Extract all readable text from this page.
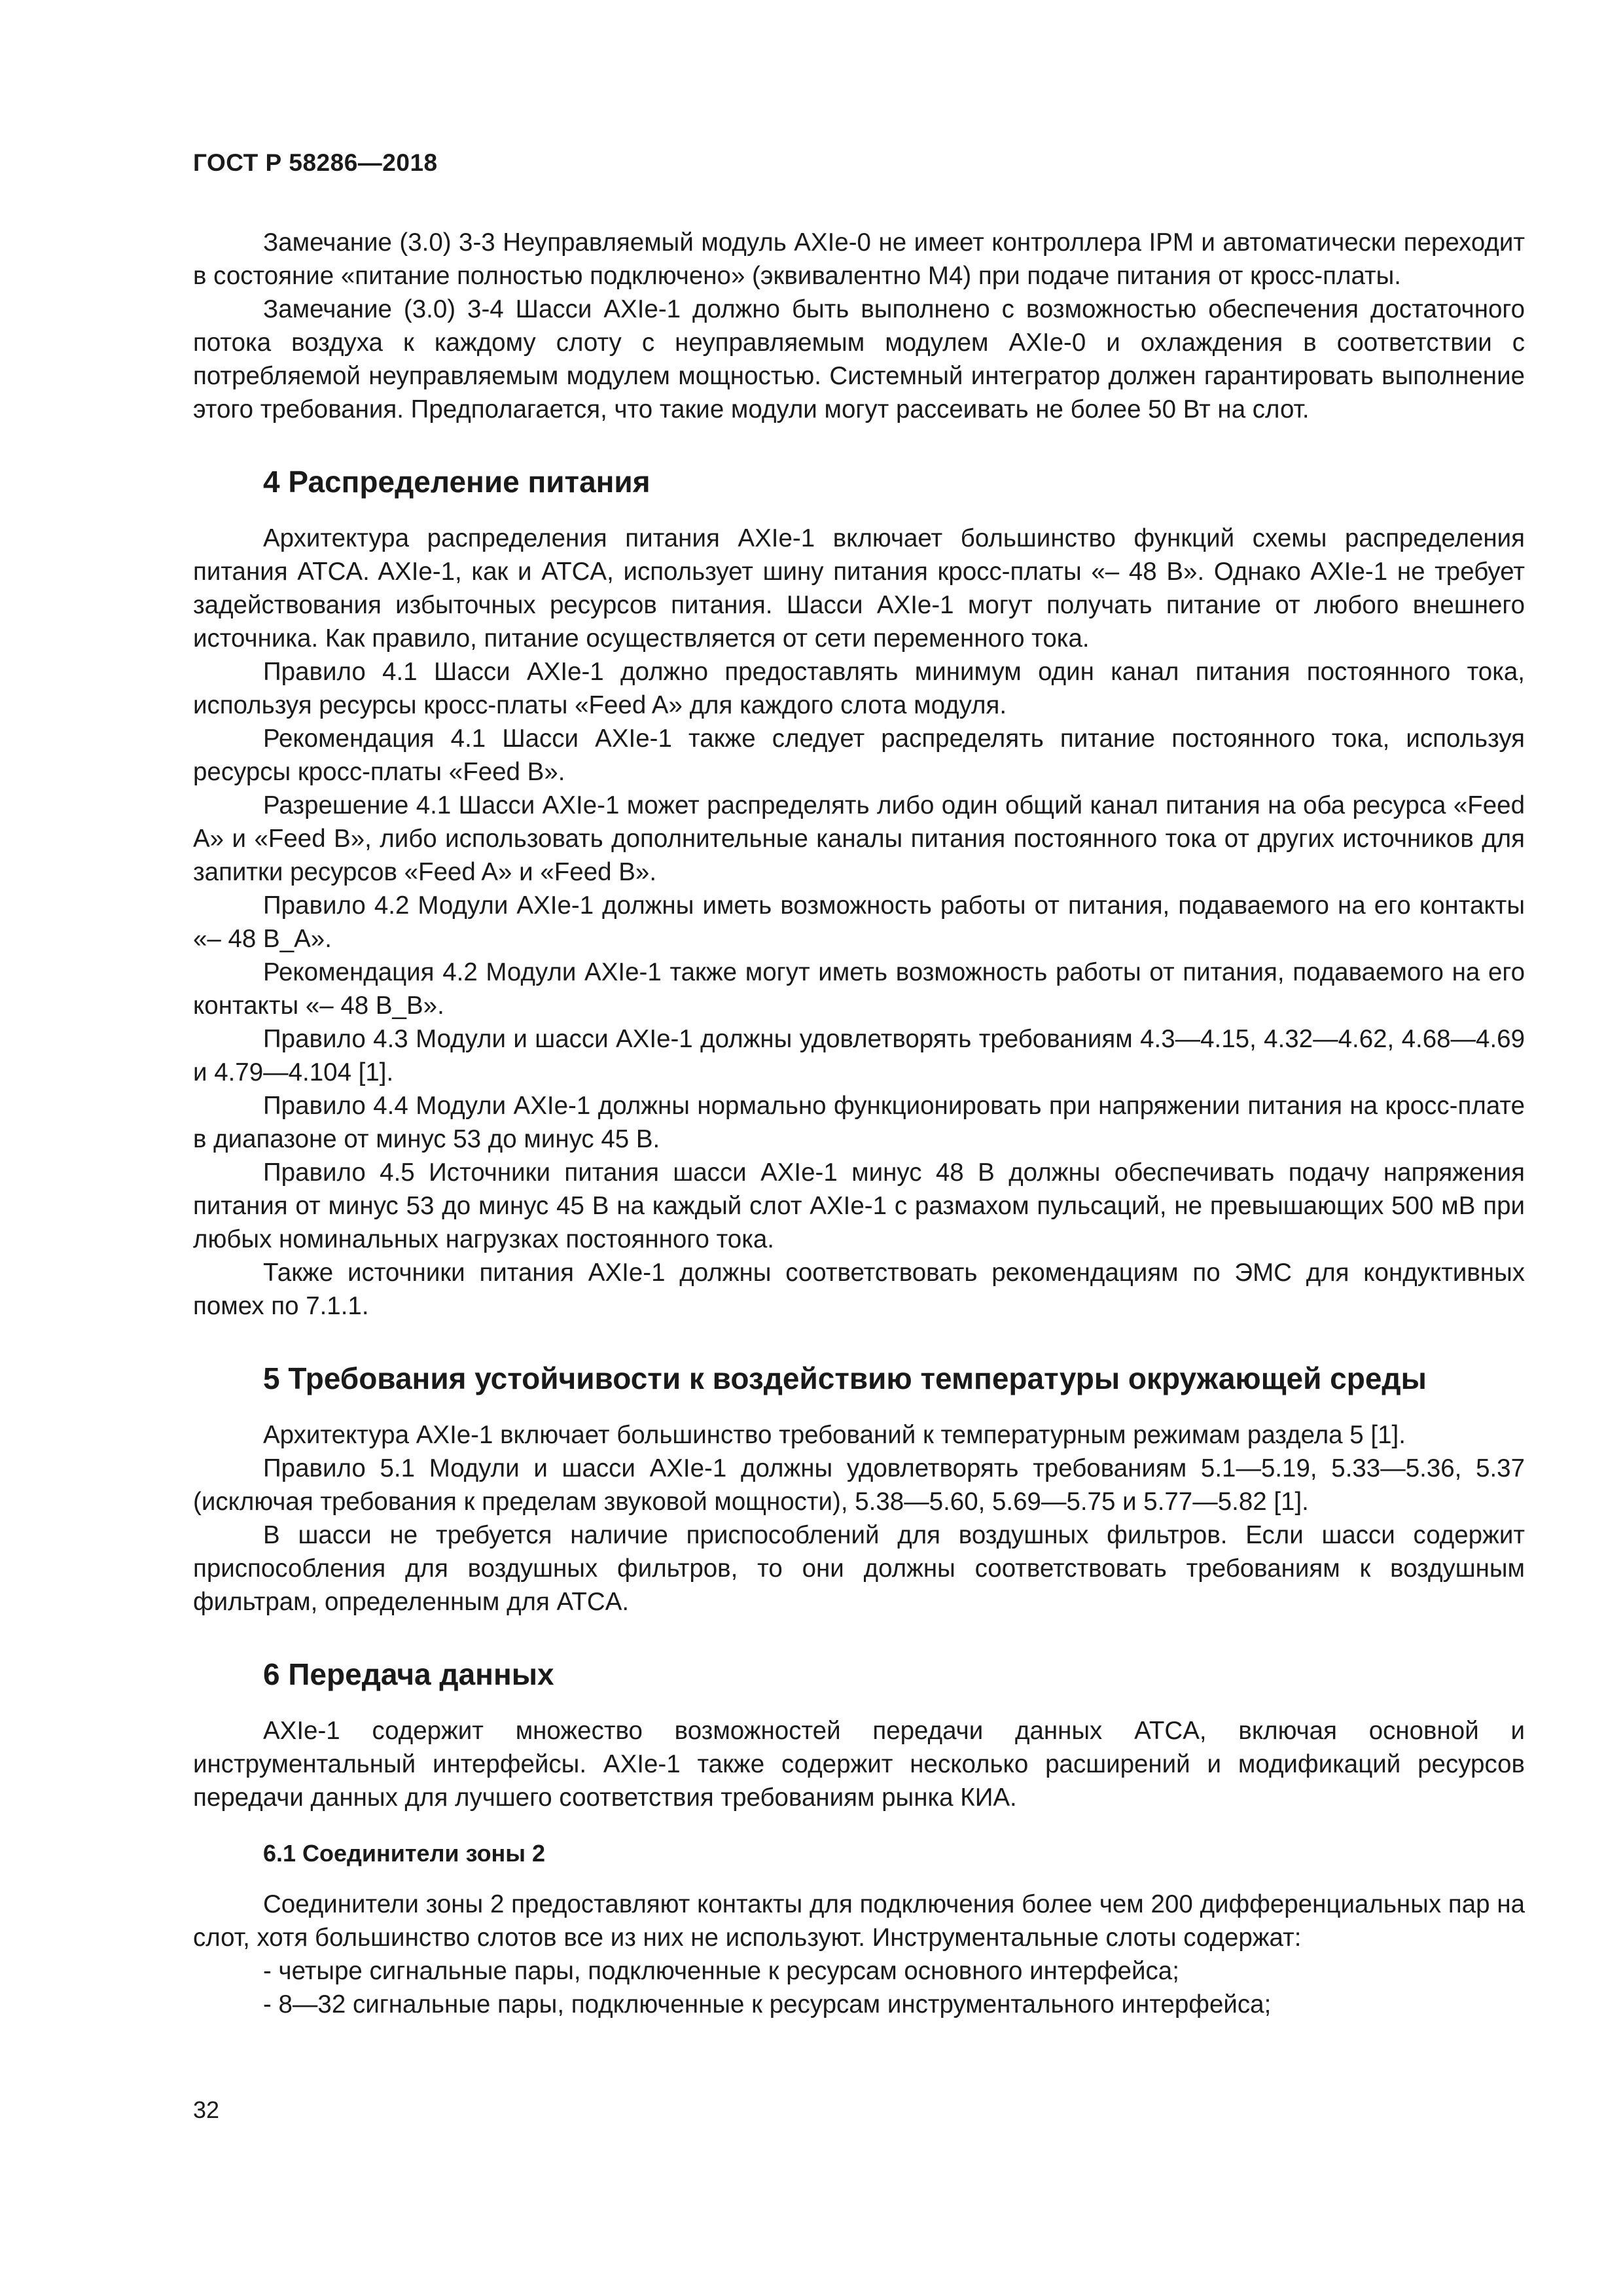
ГОСТ Р 58286—2018

Замечание (3.0) 3-3 Неуправляемый модуль AXIe-0 не имеет контроллера IPM и автоматически переходит в состояние «питание полностью подключено» (эквивалентно M4) при подаче питания от кросс-платы.

Замечание (3.0) 3-4 Шасси AXIe-1 должно быть выполнено с возможностью обеспечения достаточного потока воздуха к каждому слоту с неуправляемым модулем AXIe-0 и охлаждения в соответствии с потребляемой неуправляемым модулем мощностью. Системный интегратор должен гарантировать выполнение этого требования. Предполагается, что такие модули могут рассеивать не более 50 Вт на слот.

4 Распределение питания

Архитектура распределения питания AXIe-1 включает большинство функций схемы распределения питания ATCA. AXIe-1, как и ATCA, использует шину питания кросс-платы «– 48 В». Однако AXIe-1 не требует задействования избыточных ресурсов питания. Шасси AXIe-1 могут получать питание от любого внешнего источника. Как правило, питание осуществляется от сети переменного тока.

Правило 4.1 Шасси AXIe-1 должно предоставлять минимум один канал питания постоянного тока, используя ресурсы кросс-платы «Feed A» для каждого слота модуля.

Рекомендация 4.1 Шасси AXIe-1 также следует распределять питание постоянного тока, используя ресурсы кросс-платы «Feed B».

Разрешение 4.1 Шасси AXIe-1 может распределять либо один общий канал питания на оба ресурса «Feed A» и «Feed B», либо использовать дополнительные каналы питания постоянного тока от других источников для запитки ресурсов «Feed A» и «Feed B».

Правило 4.2 Модули AXIe-1 должны иметь возможность работы от питания, подаваемого на его контакты «– 48 В_А».

Рекомендация 4.2 Модули AXIe-1 также могут иметь возможность работы от питания, подаваемого на его контакты «– 48 В_В».

Правило 4.3 Модули и шасси AXIe-1 должны удовлетворять требованиям 4.3—4.15, 4.32—4.62, 4.68—4.69 и 4.79—4.104 [1].

Правило 4.4 Модули AXIe-1 должны нормально функционировать при напряжении питания на кросс-плате в диапазоне от минус 53 до минус 45 В.

Правило 4.5 Источники питания шасси AXIe-1 минус 48 В должны обеспечивать подачу напряжения питания от минус 53 до минус 45 В на каждый слот AXIe-1 с размахом пульсаций, не превышающих 500 мВ при любых номинальных нагрузках постоянного тока.

Также источники питания AXIe-1 должны соответствовать рекомендациям по ЭМС для кондуктивных помех по 7.1.1.

5 Требования устойчивости к воздействию температуры окружающей среды

Архитектура AXIe-1 включает большинство требований к температурным режимам раздела 5 [1].

Правило 5.1 Модули и шасси AXIe-1 должны удовлетворять требованиям 5.1—5.19, 5.33—5.36, 5.37 (исключая требования к пределам звуковой мощности), 5.38—5.60, 5.69—5.75 и 5.77—5.82 [1].

В шасси не требуется наличие приспособлений для воздушных фильтров. Если шасси содержит приспособления для воздушных фильтров, то они должны соответствовать требованиям к воздушным фильтрам, определенным для ATCA.

6 Передача данных

AXIe-1 содержит множество возможностей передачи данных ATCA, включая основной и инструментальный интерфейсы. AXIe-1 также содержит несколько расширений и модификаций ресурсов передачи данных для лучшего соответствия требованиям рынка КИА.

6.1 Соединители зоны 2

Соединители зоны 2 предоставляют контакты для подключения более чем 200 дифференциальных пар на слот, хотя большинство слотов все из них не используют. Инструментальные слоты содержат:

- четыре сигнальные пары, подключенные к ресурсам основного интерфейса;

- 8—32 сигнальные пары, подключенные к ресурсам инструментального интерфейса;

32
